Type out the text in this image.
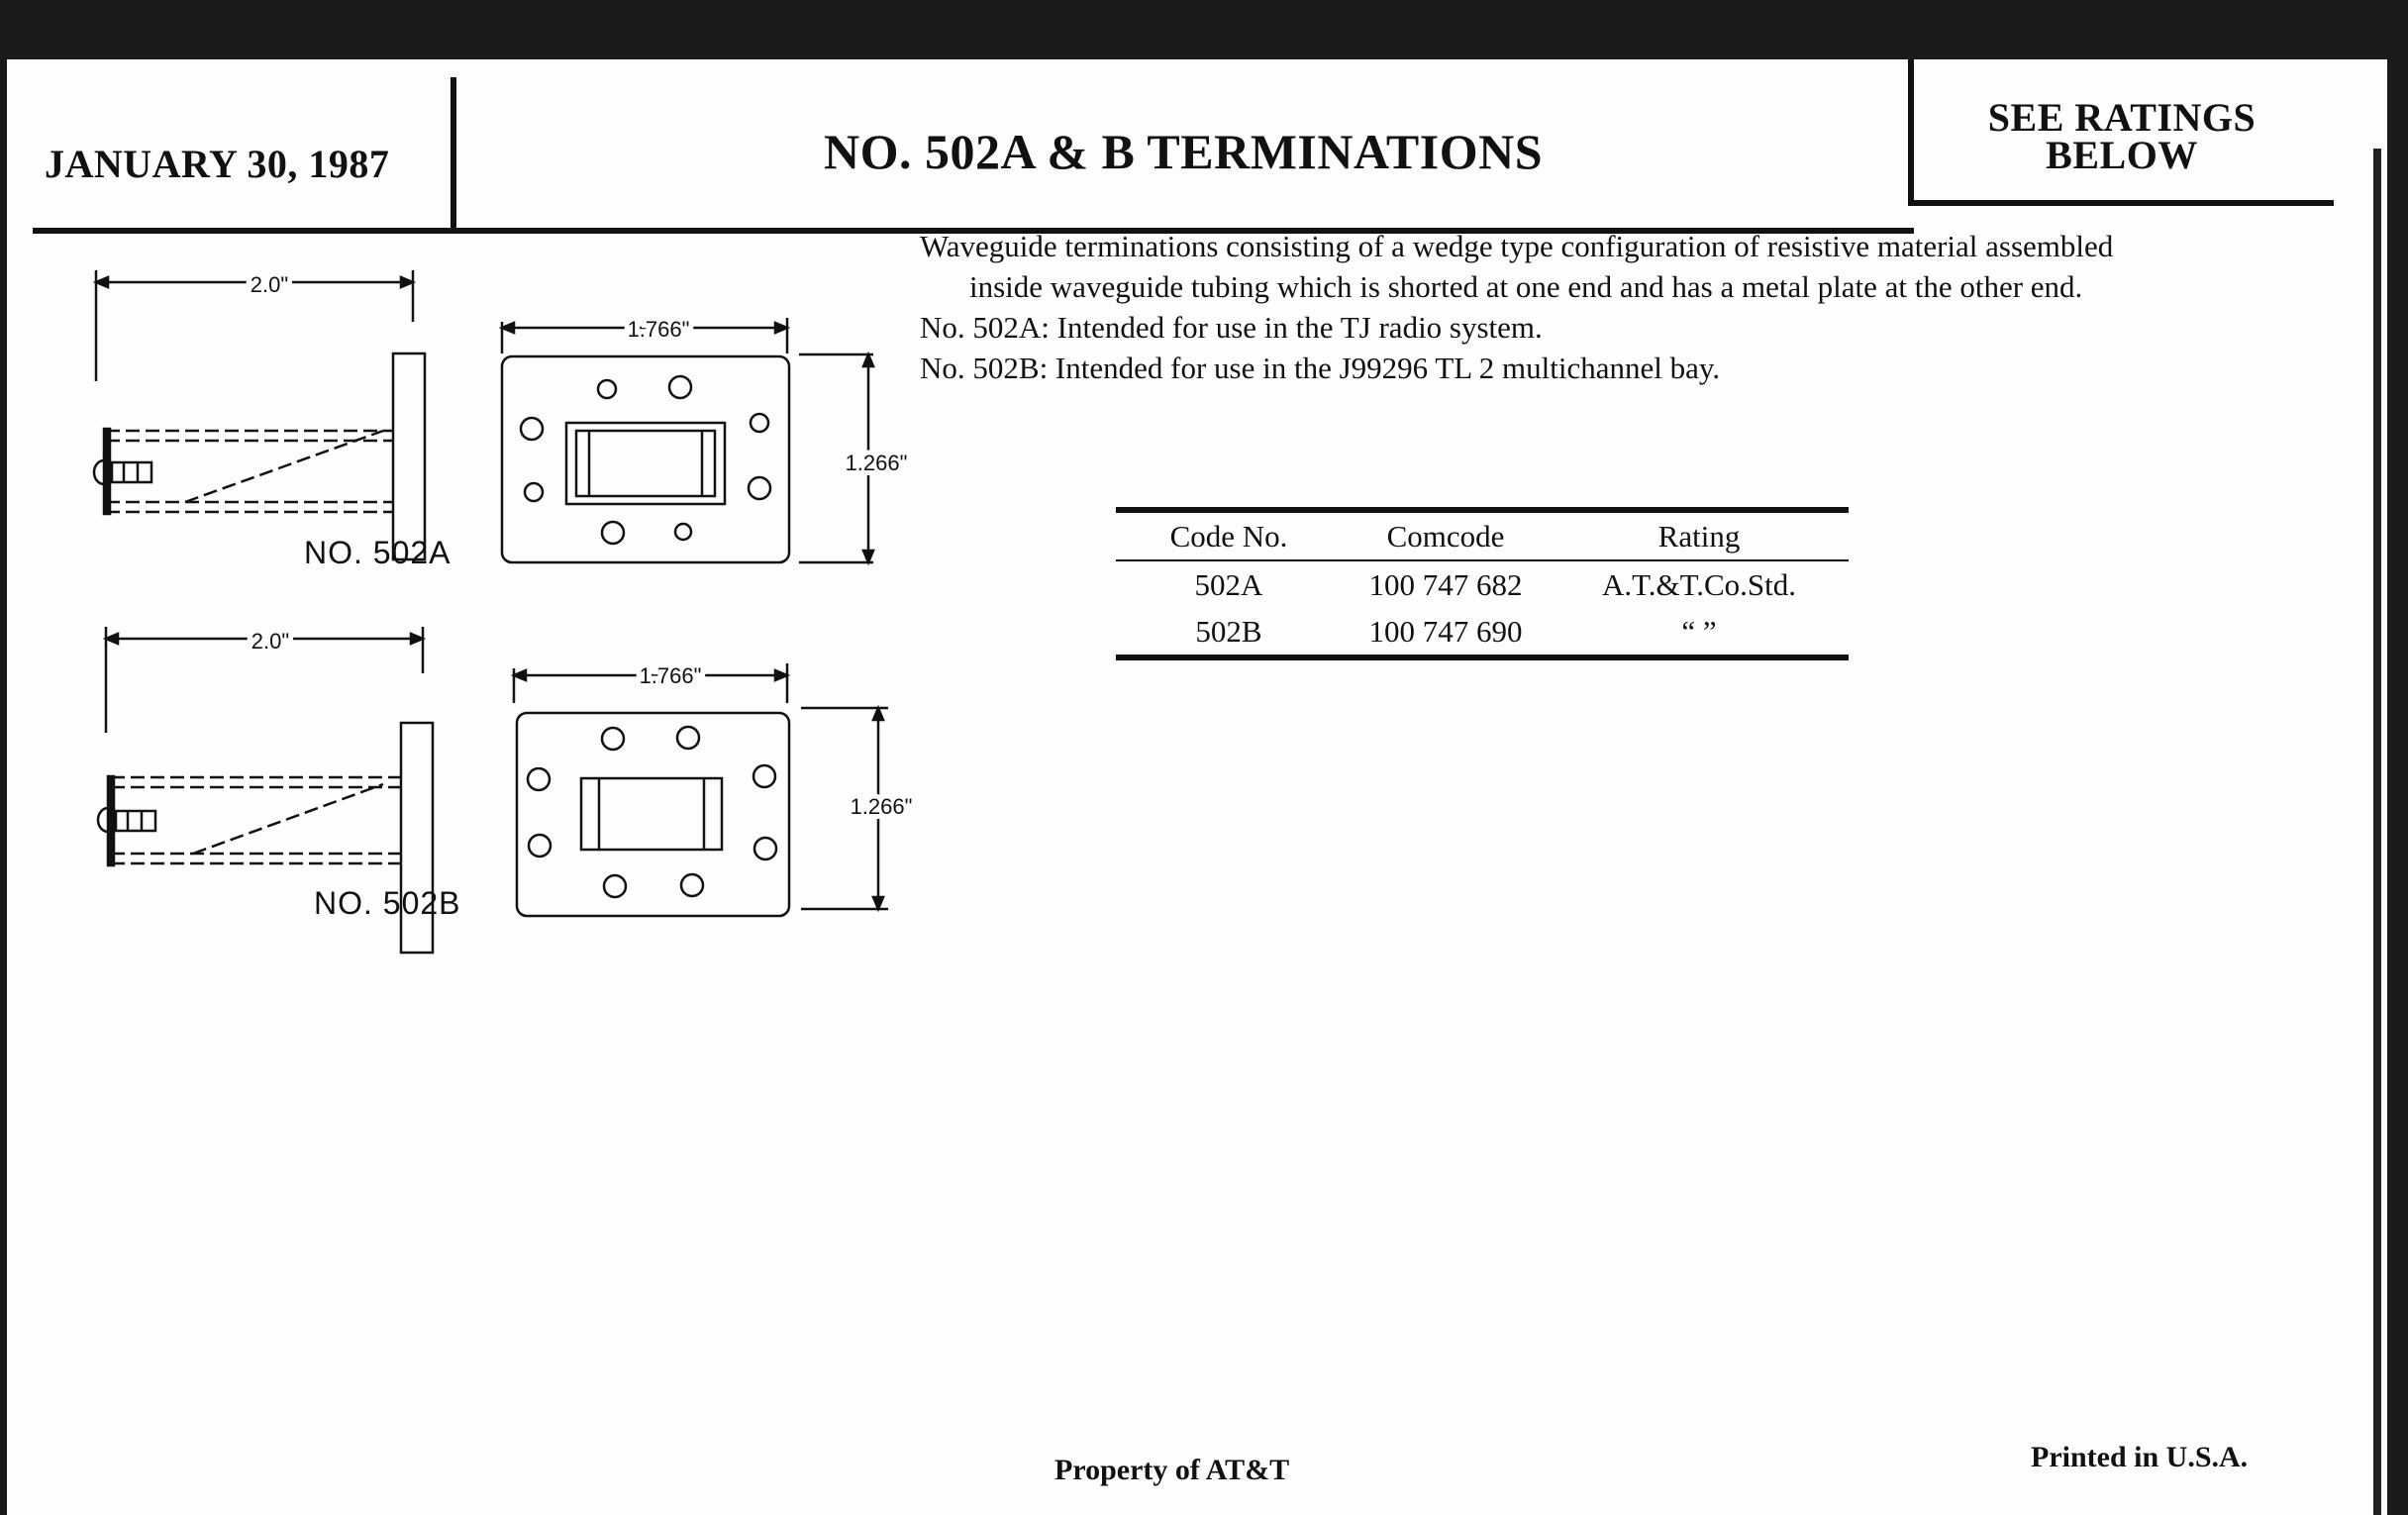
JANUARY 30, 1987	NO. 502A & B TERMINATIONS
SEE RATINGS
BELOW
Waveguide terminations consisting of a wedge type configuration of resistive material assembled
inside waveguide tubing which is shorted at one end and has a metal plate at the other end.
No. 502A: Intended for use in the TJ radio system.
No. 502B: Intended for use in the J99296 TL 2 multichannel bay.
Code No.	Comcode	Rating
502A	100 747 682	A.T.&T.Co.Std.
502B	100 747 690	“ ”
2.0"
1.766"
1.266"
NO. 502A
2.0"
1.766"
1.266"
NO. 502B
Property of AT&T	Printed in U.S.A.
